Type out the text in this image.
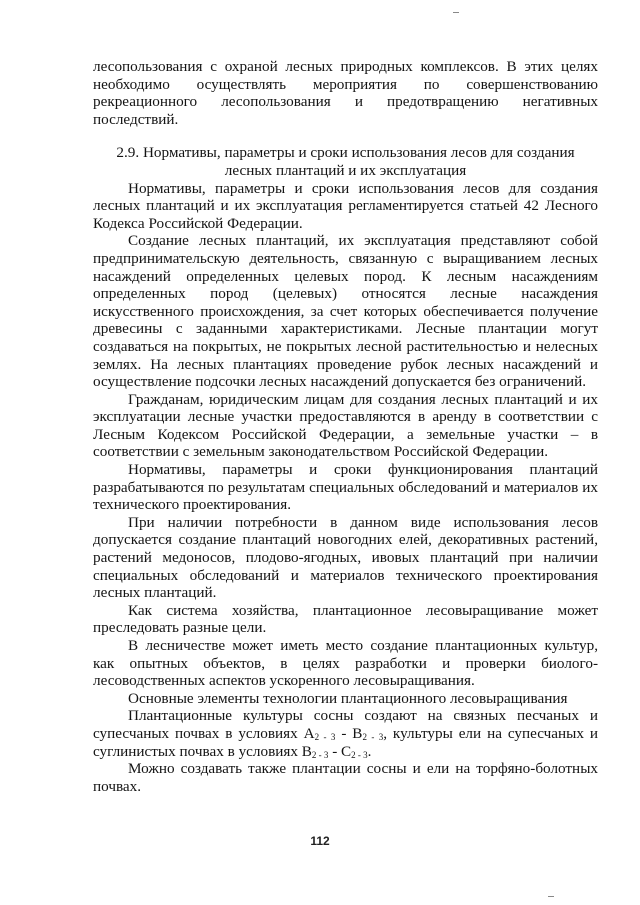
лесопользования с охраной лесных природных комплексов. В этих целях необходимо осуществлять мероприятия по совершенствованию рекреационного лесопользования и предотвращению негативных последствий.

2.9. Нормативы, параметры и сроки использования лесов для создания
лесных плантаций и их эксплуатация

Нормативы, параметры и сроки использования лесов для создания лесных плантаций и их эксплуатация регламентируется статьей 42 Лесного Кодекса Российской Федерации.

Создание лесных плантаций, их эксплуатация представляют собой предпринимательскую деятельность, связанную с выращиванием лесных насаждений определенных целевых пород. К лесным насаждениям определенных пород (целевых) относятся лесные насаждения искусственного происхождения, за счет которых обеспечивается получение древесины с заданными характеристиками. Лесные плантации могут создаваться на покрытых, не покрытых лесной растительностью и нелесных землях. На лесных плантациях проведение рубок лесных насаждений и осуществление подсочки лесных насаждений допускается без ограничений.

Гражданам, юридическим лицам для создания лесных плантаций и их эксплуатации лесные участки предоставляются в аренду в соответствии с Лесным Кодексом Российской Федерации, а земельные участки – в соответствии с земельным законодательством Российской Федерации.

Нормативы, параметры и сроки функционирования плантаций разрабатываются по результатам специальных обследований и материалов их технического проектирования.

При наличии потребности в данном виде использования лесов допускается создание плантаций новогодних елей, декоративных растений, растений медоносов, плодово-ягодных, ивовых плантаций при наличии специальных обследований и материалов технического проектирования лесных плантаций.

Как система хозяйства, плантационное лесовыращивание может преследовать разные цели.

В лесничестве может иметь место создание плантационных культур, как опытных объектов, в целях разработки и проверки биолого-лесоводственных аспектов ускоренного лесовыращивания.

Основные элементы технологии плантационного лесовыращивания

Плантационные культуры сосны создают на связных песчаных и супесчаных почвах в условиях $А_{2 - 3} - В_{2 - 3}$, культуры ели на супесчаных и суглинистых почвах в условиях $В_{2 - 3} - С_{2 - 3}$.

Можно создавать также плантации сосны и ели на торфяно-болотных почвах.

112
